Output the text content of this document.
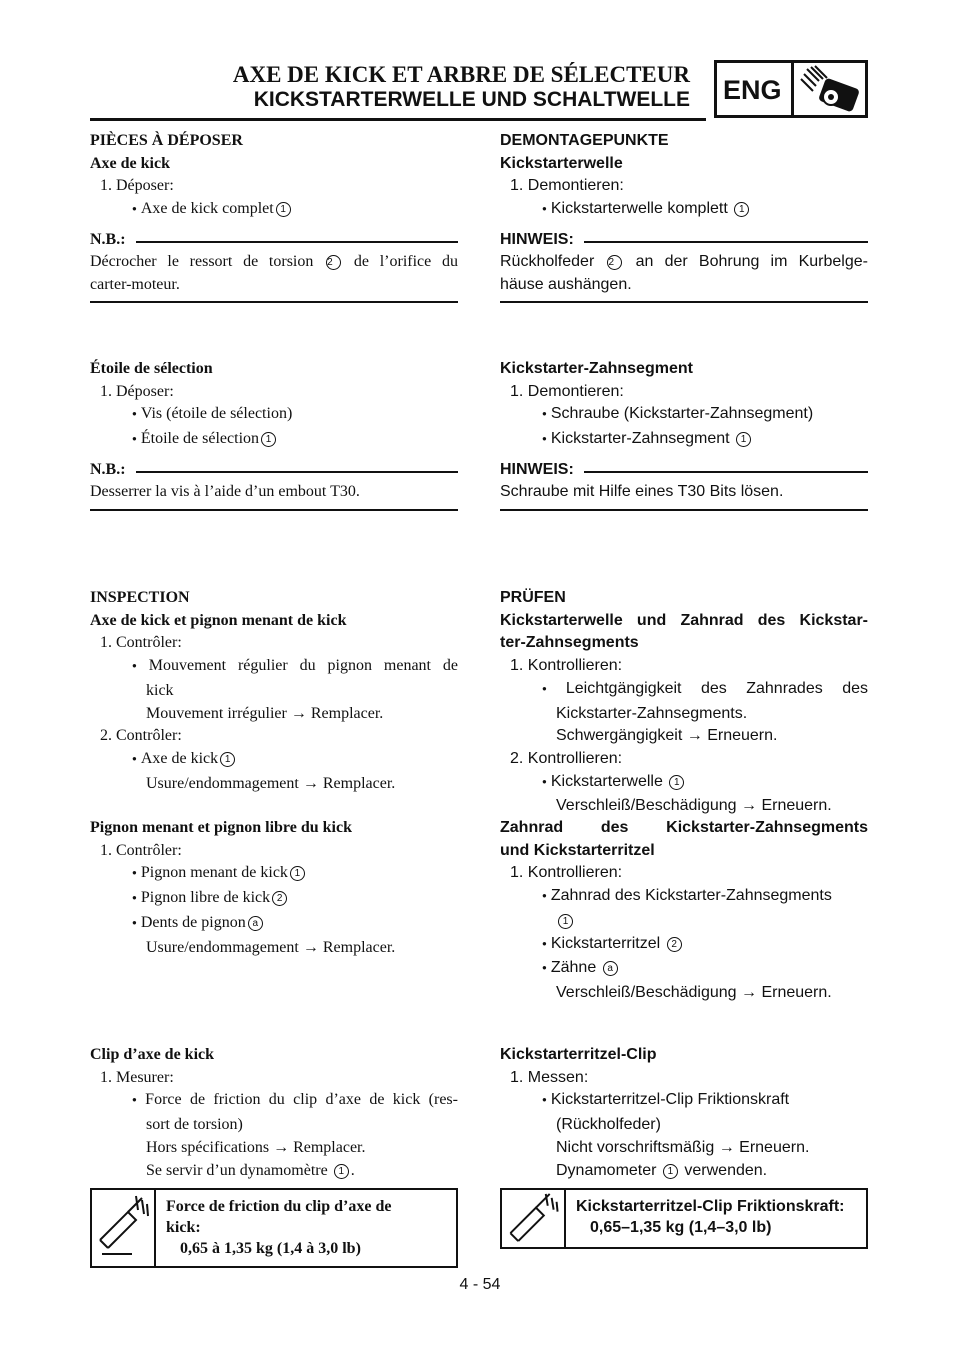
AXE DE KICK ET ARBRE DE SÉLECTEUR
KICKSTARTERWELLE UND SCHALTWELLE ENG
PIÈCES À DÉPOSER
Axe de kick
1. Déposer:
● Axe de kick complet 1
N.B.:
Décrocher le ressort de torsion 2 de l’orifice du
carter-moteur.
Étoile de sélection
1. Déposer:
● Vis (étoile de sélection)
● Étoile de sélection 1
N.B.:
Desserrer la vis à l’aide d’un embout T30.
INSPECTION
Axe de kick et pignon menant de kick
1. Contrôler:
● Mouvement régulier du pignon menant de
kick
Mouvement irrégulier → Remplacer.
2. Contrôler:
● Axe de kick 1
Usure/endommagement → Remplacer.
Pignon menant et pignon libre du kick
1. Contrôler:
● Pignon menant de kick 1
● Pignon libre de kick 2
● Dents de pignon a
Usure/endommagement → Remplacer.
Clip d’axe de kick
1. Mesurer:
● Force de friction du clip d’axe de kick (res-
sort de torsion)
Hors spécifications → Remplacer.
Se servir d’un dynamomètre 1 .
DEMONTAGEPUNKTE
Kickstarterwelle
1. Demontieren:
● Kickstarterwelle komplett 1
HINWEIS:
Rückholfeder 2 an der Bohrung im Kurbelge-
häuse aushängen.
Kickstarter-Zahnsegment
1. Demontieren:
● Schraube (Kickstarter-Zahnsegment)
● Kickstarter-Zahnsegment 1
HINWEIS:
Schraube mit Hilfe eines T30 Bits lösen.
PRÜFEN
Kickstarterwelle und Zahnrad des Kickstar-
ter-Zahnsegments
1. Kontrollieren:
● Leichtgängigkeit des Zahnrades des
Kickstarter-Zahnsegments.
Schwergängigkeit → Erneuern.
2. Kontrollieren:
● Kickstarterwelle 1
Verschleiß/Beschädigung → Erneuern.
Zahnrad des Kickstarter-Zahnsegments
und Kickstarterritzel
1. Kontrollieren:
● Zahnrad des Kickstarter-Zahnsegments
1
● Kickstarterritzel 2
● Zähne a
Verschleiß/Beschädigung → Erneuern.
Kickstarterritzel-Clip
1. Messen:
● Kickstarterritzel-Clip Friktionskraft
(Rückholfeder)
Nicht vorschriftsmäßig → Erneuern.
Dynamometer 1 verwenden.
Force de friction du clip d’axe de
kick:
0,65 à 1,35 kg (1,4 à 3,0 lb)
Kickstarterritzel-Clip Friktionskraft:
0,65–1,35 kg (1,4–3,0 lb)
4 - 54
